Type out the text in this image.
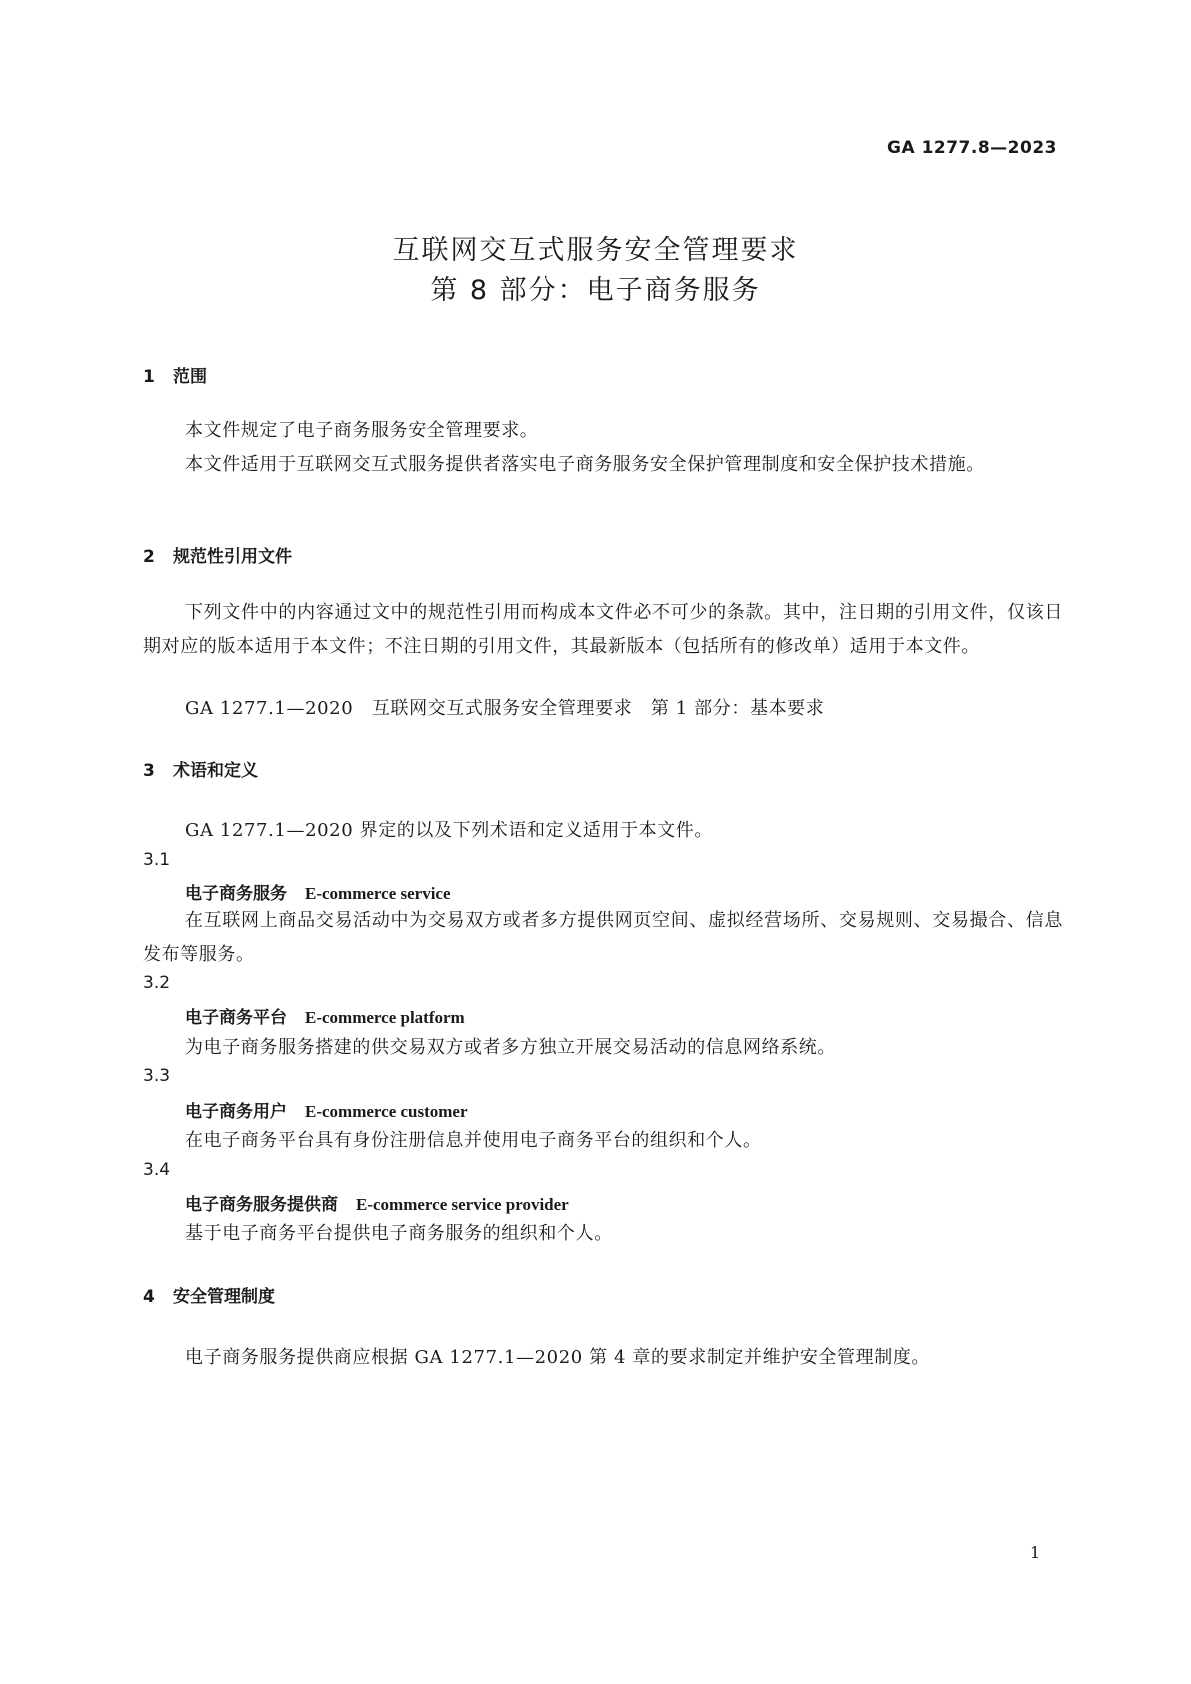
GA 1277.8—2023
互联网交互式服务安全管理要求
第 8 部分：电子商务服务
1 范围
本文件规定了电子商务服务安全管理要求。
本文件适用于互联网交互式服务提供者落实电子商务服务安全保护管理制度和安全保护技术措施。
2 规范性引用文件
下列文件中的内容通过文中的规范性引用而构成本文件必不可少的条款。其中，注日期的引用文件，仅该日期对应的版本适用于本文件；不注日期的引用文件，其最新版本（包括所有的修改单）适用于本文件。
GA 1277.1—2020　互联网交互式服务安全管理要求　第 1 部分：基本要求
3 术语和定义
GA 1277.1—2020 界定的以及下列术语和定义适用于本文件。
3.1
电子商务服务 E-commerce service
在互联网上商品交易活动中为交易双方或者多方提供网页空间、虚拟经营场所、交易规则、交易撮合、信息发布等服务。
3.2
电子商务平台 E-commerce platform
为电子商务服务搭建的供交易双方或者多方独立开展交易活动的信息网络系统。
3.3
电子商务用户 E-commerce customer
在电子商务平台具有身份注册信息并使用电子商务平台的组织和个人。
3.4
电子商务服务提供商 E-commerce service provider
基于电子商务平台提供电子商务服务的组织和个人。
4 安全管理制度
电子商务服务提供商应根据 GA 1277.1—2020 第 4 章的要求制定并维护安全管理制度。
1
